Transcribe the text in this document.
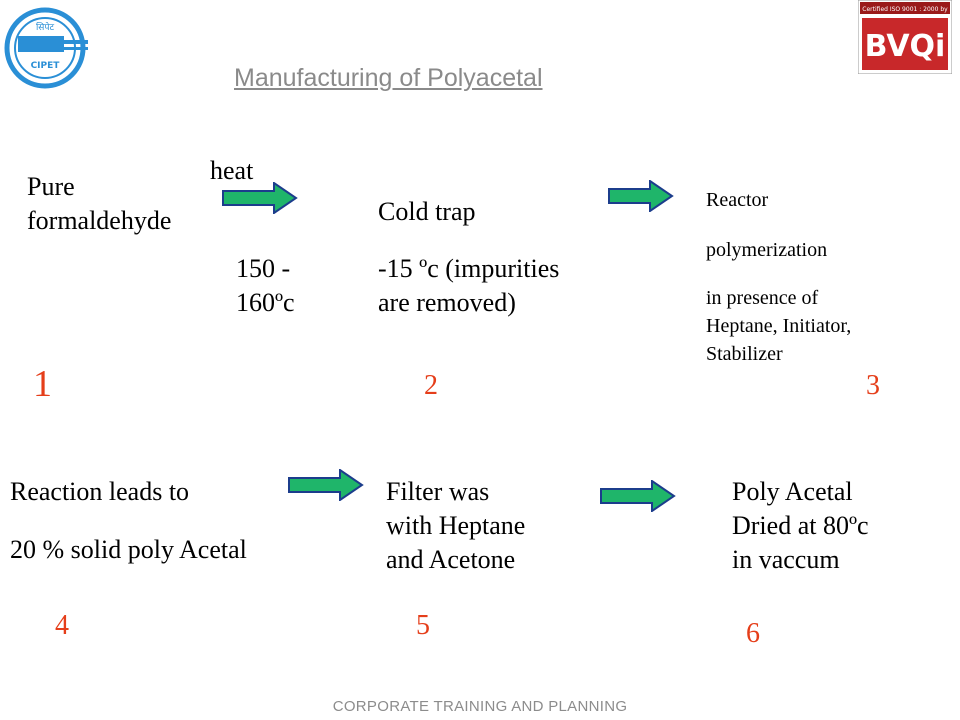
सिपेट
CIPET
Certified ISO 9001 : 2000 by
BVQi
Manufacturing of Polyacetal
Pure
formaldehyde
1
heat
150 -
160ºc
Cold trap
-15 ºc (impurities
are removed)
2
Reactor
polymerization
in presence of
Heptane, Initiator,
Stabilizer
3
Reaction leads to
20 % solid poly Acetal
4
Filter was
with Heptane
and Acetone
5
Poly Acetal
Dried at 80ºc
in vaccum
6
CORPORATE TRAINING AND PLANNING
